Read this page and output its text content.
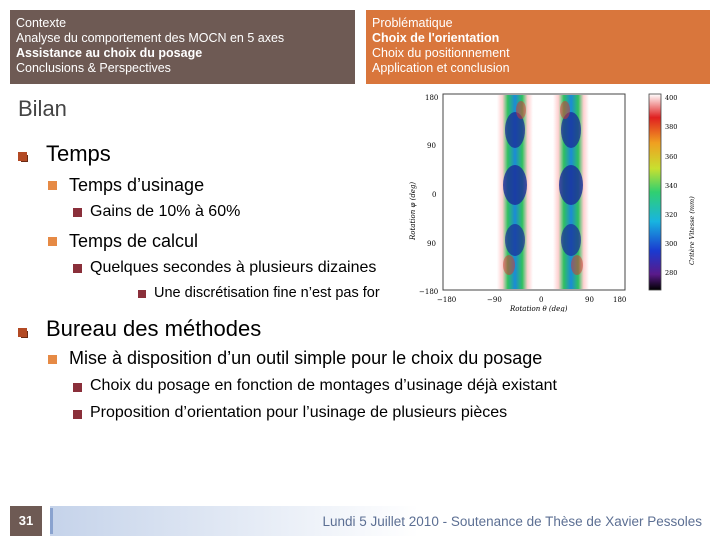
Contexte
Analyse du comportement des MOCN en 5 axes
Assistance au choix du posage
Conclusions & Perspectives
Problématique
Choix de l'orientation
Choix du positionnement
Application et conclusion
Bilan
Temps
Temps d’usinage
Gains de 10% à 60%
Temps de calcul
Quelques secondes à plusieurs dizaines
Une discrétisation fine n’est pas for
Bureau des méthodes
Mise à disposition d’un outil simple pour le choix du posage
Choix du posage en fonction de montages d’usinage déjà existant
Proposition d’orientation pour l’usinage de plusieurs pièces
180
90
0
90
−180
Rotation φ (deg)
−180	−90	0	90	180
Rotation θ (deg)
400
380
360
340
320
300
280
Critère Vitesse (mm)
31	Lundi 5 Juillet 2010 - Soutenance de Thèse de Xavier Pessoles
